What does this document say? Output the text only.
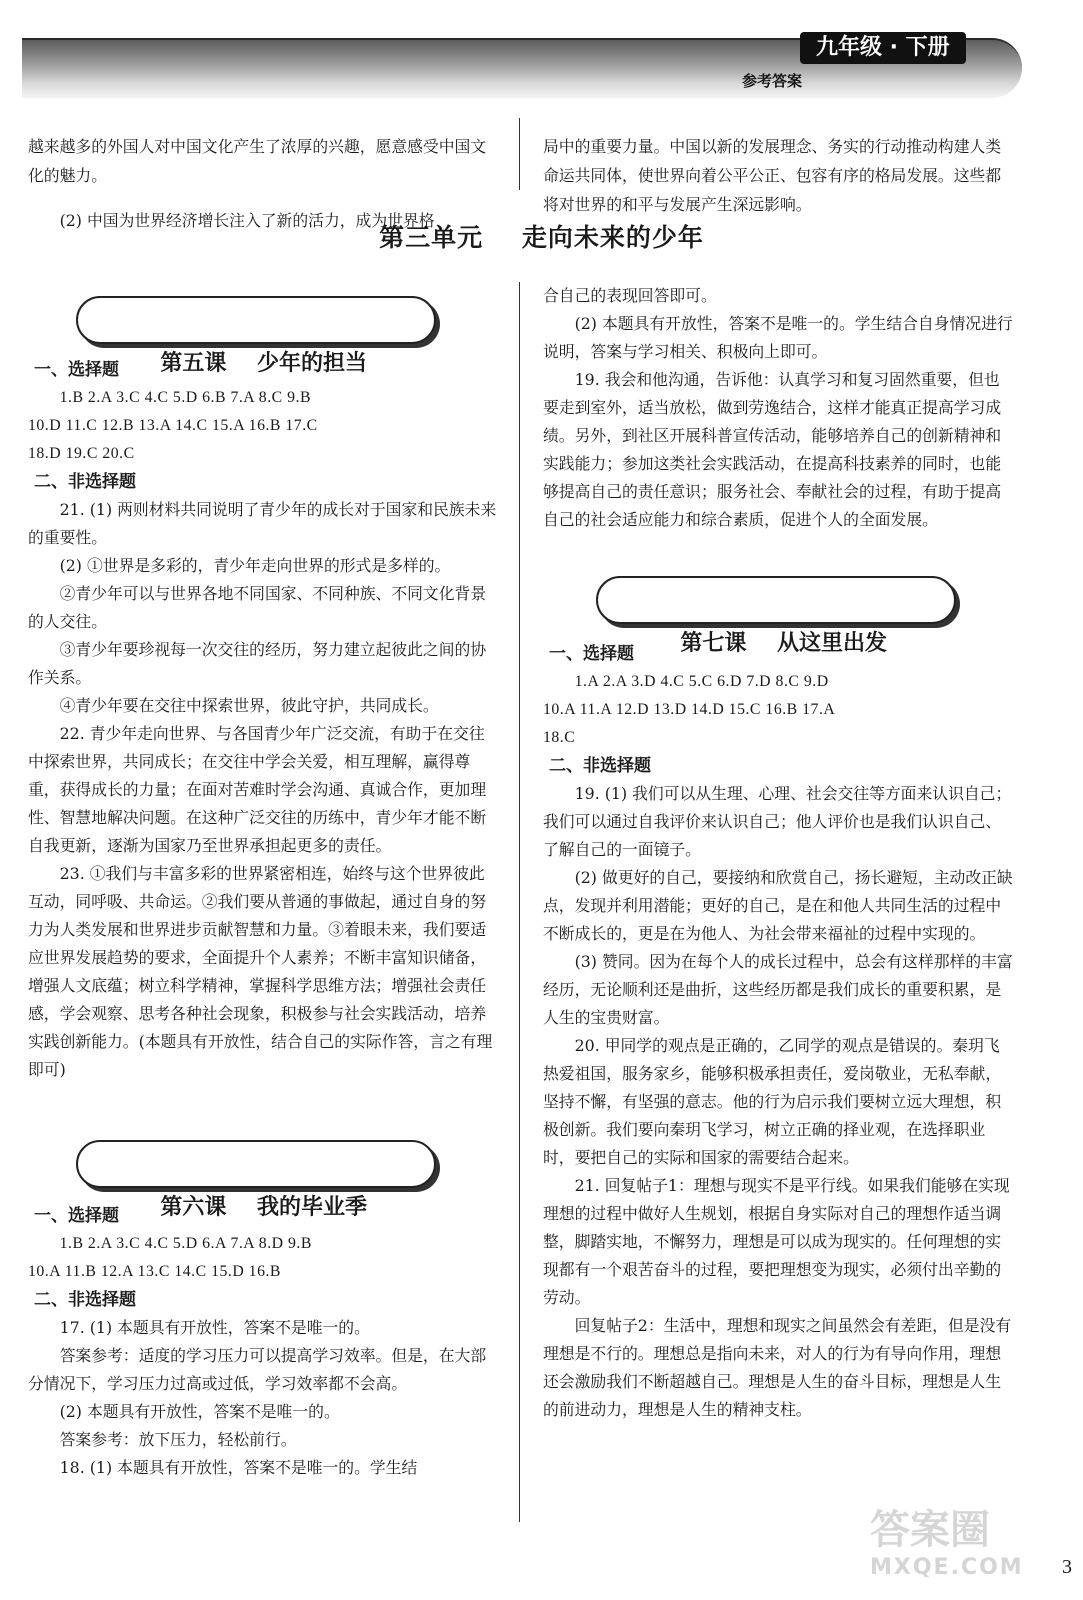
九年级 · 下册
参考答案

越来越多的外国人对中国文化产生了浓厚的兴趣，愿意感受中国文化的魅力。

(2) 中国为世界经济增长注入了新的活力，成为世界格

局中的重要力量。中国以新的发展理念、务实的行动推动构建人类命运共同体，使世界向着公平公正、包容有序的格局发展。这些都将对世界的和平与发展产生深远影响。

第三单元    走向未来的少年

第五课    少年的担当

一、选择题

1.B 2.A 3.C 4.C 5.D 6.B 7.A 8.C 9.B

10.D 11.C 12.B 13.A 14.C 15.A 16.B 17.C

18.D 19.C 20.C

二、非选择题

21. (1) 两则材料共同说明了青少年的成长对于国家和民族未来的重要性。

(2) ①世界是多彩的，青少年走向世界的形式是多样的。

②青少年可以与世界各地不同国家、不同种族、不同文化背景的人交往。

③青少年要珍视每一次交往的经历，努力建立起彼此之间的协作关系。

④青少年要在交往中探索世界，彼此守护，共同成长。

22. 青少年走向世界、与各国青少年广泛交流，有助于在交往中探索世界，共同成长；在交往中学会关爱，相互理解，赢得尊重，获得成长的力量；在面对苦难时学会沟通、真诚合作，更加理性、智慧地解决问题。在这种广泛交往的历练中，青少年才能不断自我更新，逐渐为国家乃至世界承担起更多的责任。

23. ①我们与丰富多彩的世界紧密相连，始终与这个世界彼此互动，同呼吸、共命运。②我们要从普通的事做起，通过自身的努力为人类发展和世界进步贡献智慧和力量。③着眼未来，我们要适应世界发展趋势的要求，全面提升个人素养；不断丰富知识储备，增强人文底蕴；树立科学精神，掌握科学思维方法；增强社会责任感，学会观察、思考各种社会现象，积极参与社会实践活动，培养实践创新能力。(本题具有开放性，结合自己的实际作答，言之有理即可)

第六课    我的毕业季

一、选择题

1.B 2.A 3.C 4.C 5.D 6.A 7.A 8.D 9.B

10.A 11.B 12.A 13.C 14.C 15.D 16.B

二、非选择题

17. (1) 本题具有开放性，答案不是唯一的。

答案参考：适度的学习压力可以提高学习效率。但是，在大部分情况下，学习压力过高或过低，学习效率都不会高。

(2) 本题具有开放性，答案不是唯一的。

答案参考：放下压力，轻松前行。

18. (1) 本题具有开放性，答案不是唯一的。学生结

合自己的表现回答即可。

(2) 本题具有开放性，答案不是唯一的。学生结合自身情况进行说明，答案与学习相关、积极向上即可。

19. 我会和他沟通，告诉他：认真学习和复习固然重要，但也要走到室外，适当放松，做到劳逸结合，这样才能真正提高学习成绩。另外，到社区开展科普宣传活动，能够培养自己的创新精神和实践能力；参加这类社会实践活动，在提高科技素养的同时，也能够提高自己的责任意识；服务社会、奉献社会的过程，有助于提高自己的社会适应能力和综合素质，促进个人的全面发展。

第七课    从这里出发

一、选择题

1.A 2.A 3.D 4.C 5.C 6.D 7.D 8.C 9.D

10.A 11.A 12.D 13.D 14.D 15.C 16.B 17.A

18.C

二、非选择题

19. (1) 我们可以从生理、心理、社会交往等方面来认识自己；我们可以通过自我评价来认识自己；他人评价也是我们认识自己、了解自己的一面镜子。

(2) 做更好的自己，要接纳和欣赏自己，扬长避短，主动改正缺点，发现并利用潜能；更好的自己，是在和他人共同生活的过程中不断成长的，更是在为他人、为社会带来福祉的过程中实现的。

(3) 赞同。因为在每个人的成长过程中，总会有这样那样的丰富经历，无论顺利还是曲折，这些经历都是我们成长的重要积累，是人生的宝贵财富。

20. 甲同学的观点是正确的，乙同学的观点是错误的。秦玥飞热爱祖国，服务家乡，能够积极承担责任，爱岗敬业，无私奉献，坚持不懈，有坚强的意志。他的行为启示我们要树立远大理想，积极创新。我们要向秦玥飞学习，树立正确的择业观，在选择职业时，要把自己的实际和国家的需要结合起来。

21. 回复帖子1：理想与现实不是平行线。如果我们能够在实现理想的过程中做好人生规划，根据自身实际对自己的理想作适当调整，脚踏实地，不懈努力，理想是可以成为现实的。任何理想的实现都有一个艰苦奋斗的过程，要把理想变为现实，必须付出辛勤的劳动。

回复帖子2：生活中，理想和现实之间虽然会有差距，但是没有理想是不行的。理想总是指向未来，对人的行为有导向作用，理想还会激励我们不断超越自己。理想是人生的奋斗目标，理想是人生的前进动力，理想是人生的精神支柱。

答案圈
MXQE.COM	3
